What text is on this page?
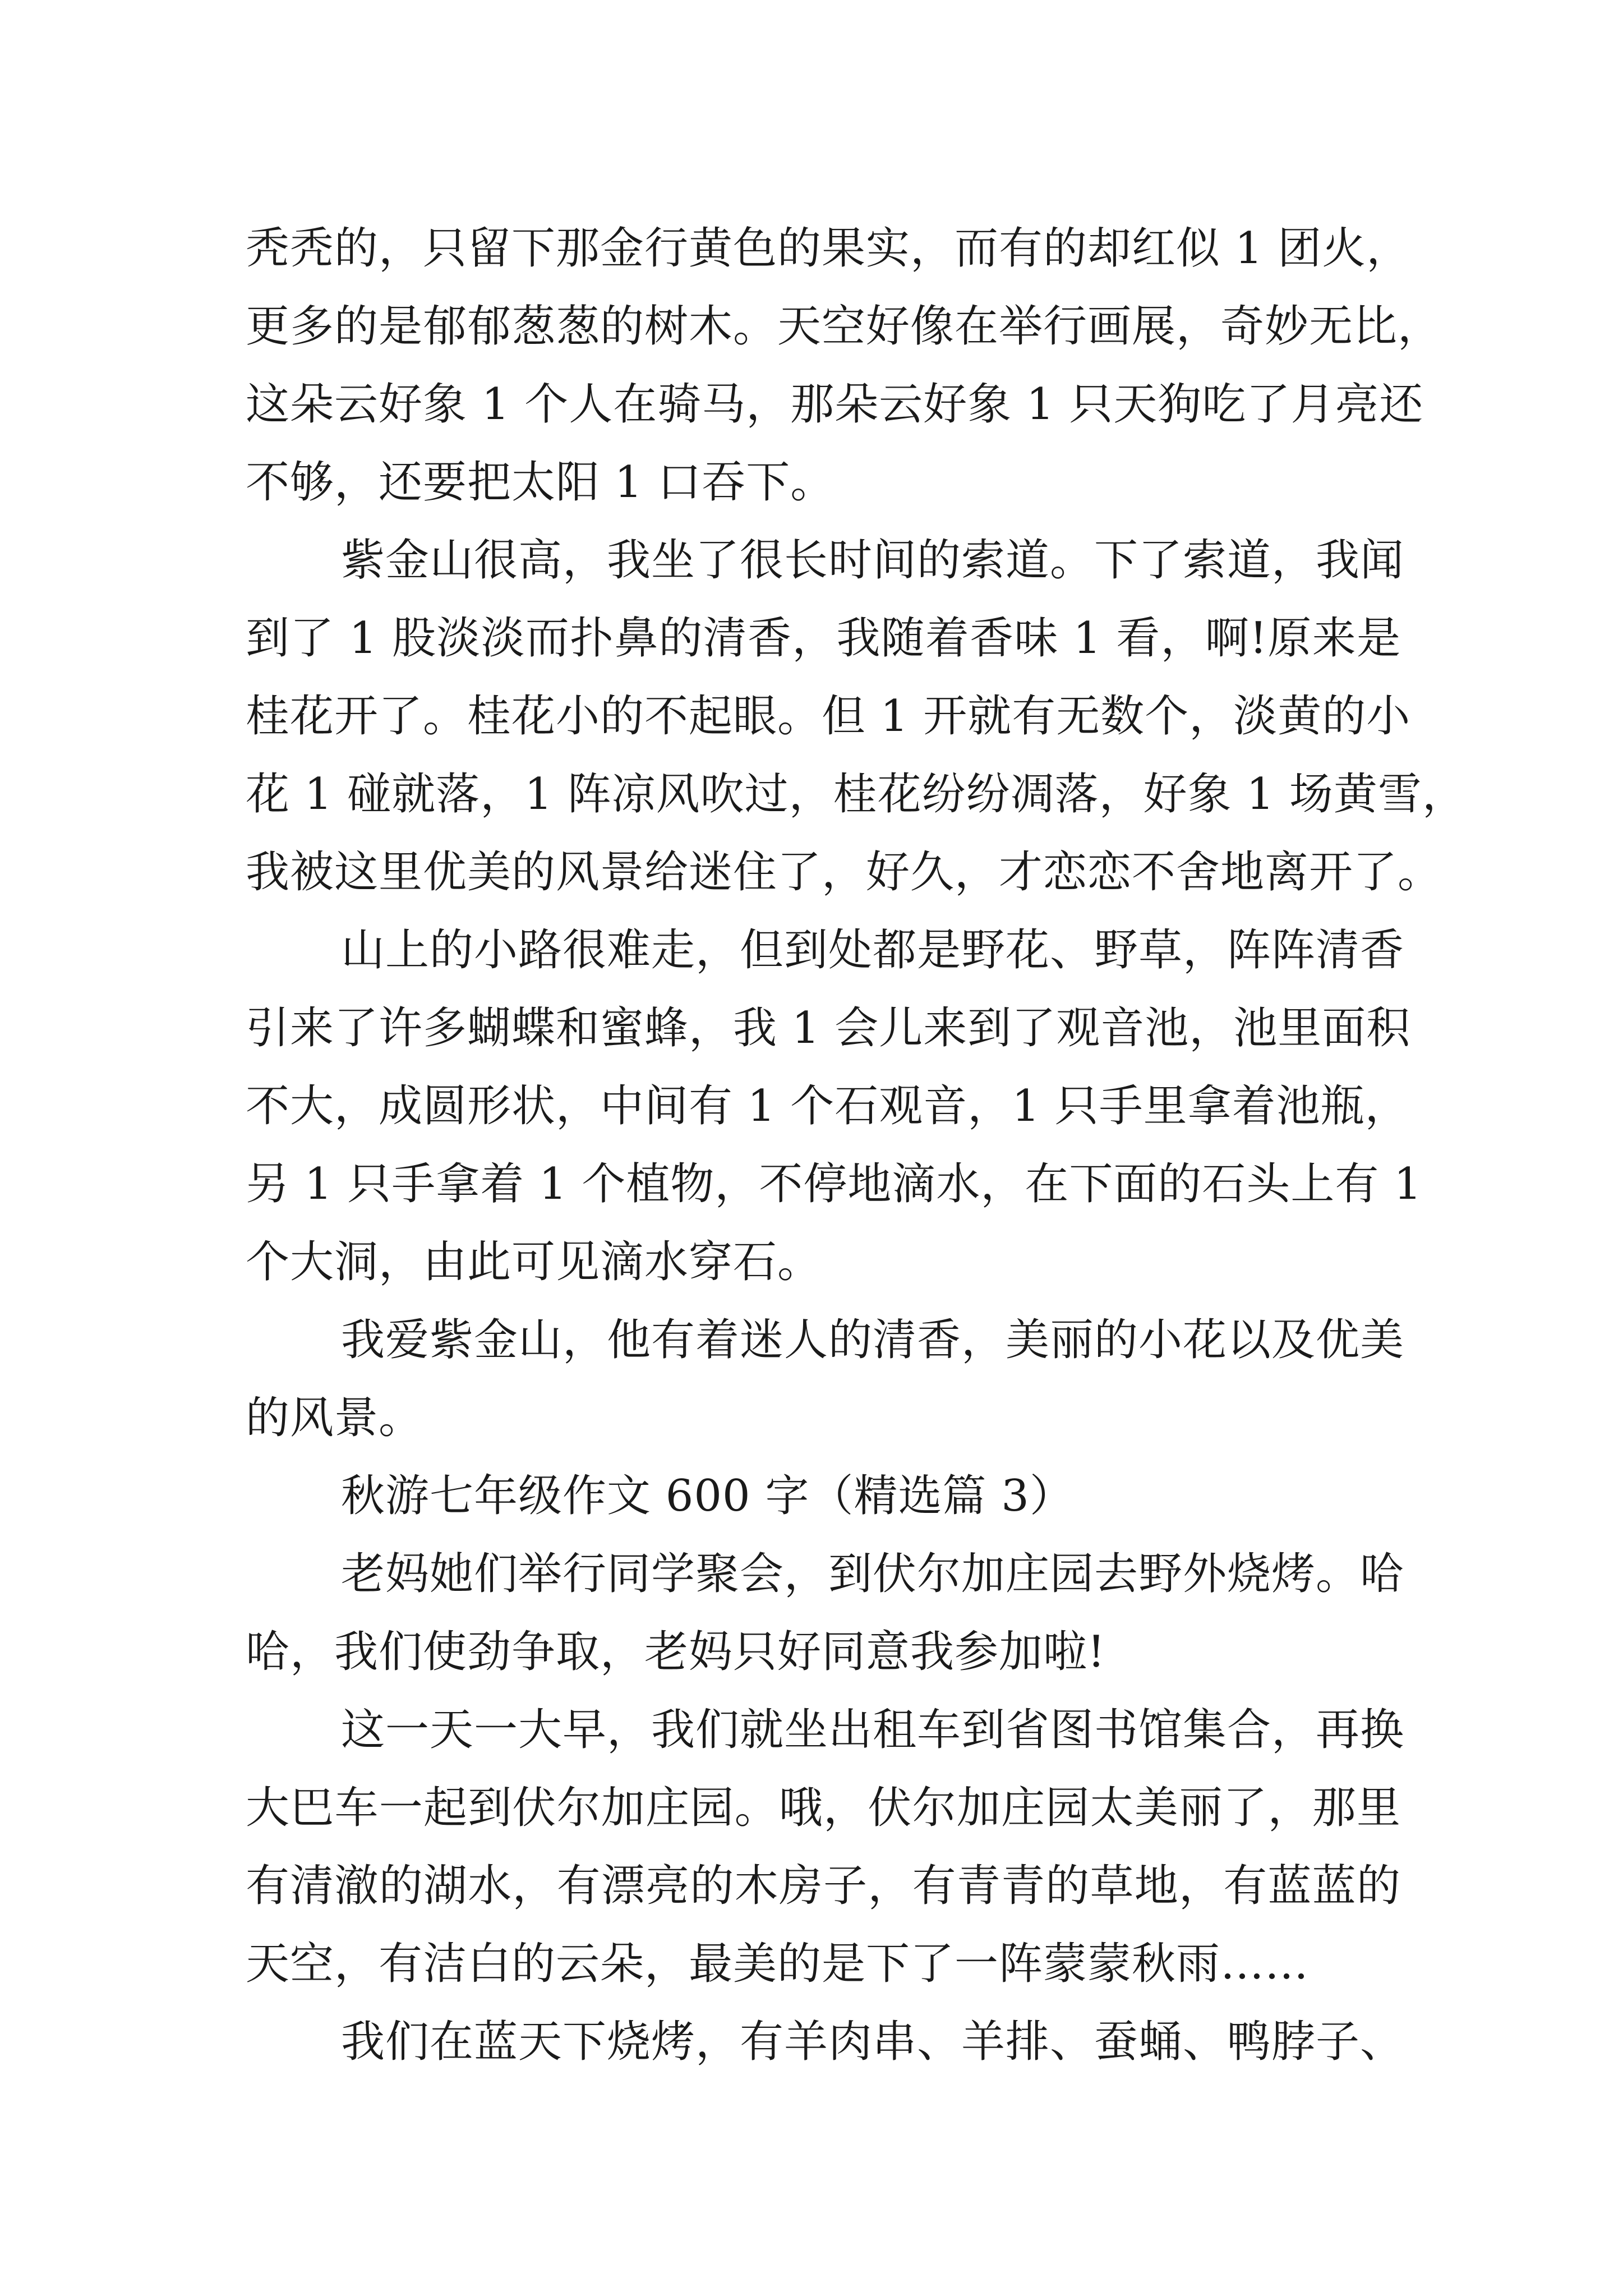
秃秃的，只留下那金行黄色的果实，而有的却红似 1 团火，
更多的是郁郁葱葱的树木。天空好像在举行画展，奇妙无比，
这朵云好象 1 个人在骑马，那朵云好象 1 只天狗吃了月亮还
不够，还要把太阳 1 口吞下。

紫金山很高，我坐了很长时间的索道。下了索道，我闻
到了 1 股淡淡而扑鼻的清香，我随着香味 1 看，啊!原来是
桂花开了。桂花小的不起眼。但 1 开就有无数个，淡黄的小
花 1 碰就落，1 阵凉风吹过，桂花纷纷凋落，好象 1 场黄雪，
我被这里优美的风景给迷住了，好久，才恋恋不舍地离开了。

山上的小路很难走，但到处都是野花、野草，阵阵清香
引来了许多蝴蝶和蜜蜂，我 1 会儿来到了观音池，池里面积
不大，成圆形状，中间有 1 个石观音，1 只手里拿着池瓶，
另 1 只手拿着 1 个植物，不停地滴水，在下面的石头上有 1
个大洞，由此可见滴水穿石。

我爱紫金山，他有着迷人的清香，美丽的小花以及优美
的风景。

秋游七年级作文 600 字（精选篇 3）

老妈她们举行同学聚会，到伏尔加庄园去野外烧烤。哈
哈，我们使劲争取，老妈只好同意我参加啦!

这一天一大早，我们就坐出租车到省图书馆集合，再换
大巴车一起到伏尔加庄园。哦，伏尔加庄园太美丽了，那里
有清澈的湖水，有漂亮的木房子，有青青的草地，有蓝蓝的
天空，有洁白的云朵，最美的是下了一阵蒙蒙秋雨……

我们在蓝天下烧烤，有羊肉串、羊排、蚕蛹、鸭脖子、
